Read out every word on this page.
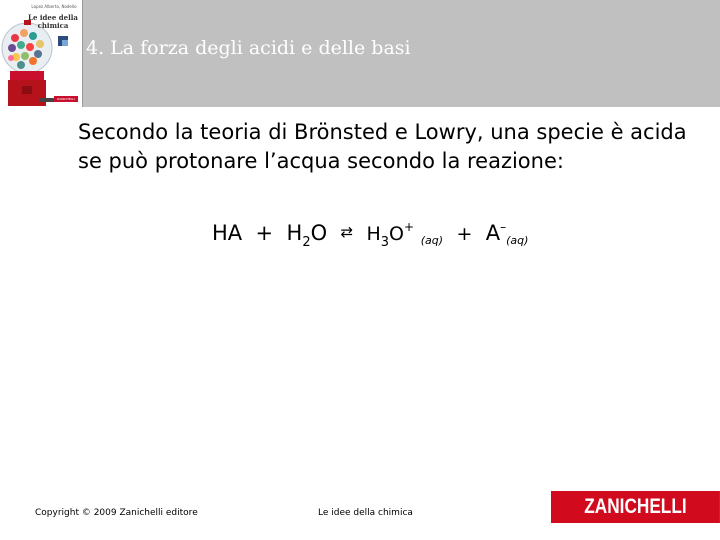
Lopez Alberto, Nodello
Le idee della chimica
ZANICHELLI
4. La forza degli acidi e delle basi

Secondo la teoria di Brönsted e Lowry, una specie è acida se può protonare l’acqua secondo la reazione:

HA + $H_2O$ ⇄ $H_3O^+$ (aq) + A–(aq)
Copyright © 2009 Zanichelli editore	Le idee della chimica	ZANICHELLI
